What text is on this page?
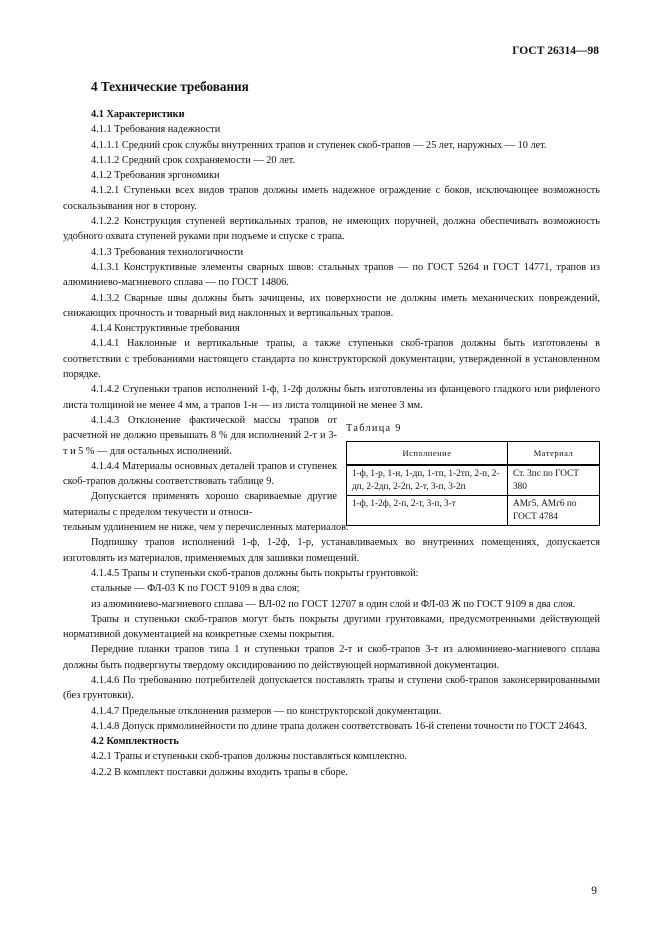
ГОСТ 26314—98
4 Технические требования

4.1 Характеристики

4.1.1 Требования надежности

4.1.1.1 Средний срок службы внутренних трапов и ступенек скоб-трапов — 25 лет, наружных — 10 лет.

4.1.1.2 Средний срок сохраняемости — 20 лет.

4.1.2 Требования эргономики

4.1.2.1 Ступеньки всех видов трапов должны иметь надежное ограждение с боков, исключающее возможность соскальзывания ног в сторону.

4.1.2.2 Конструкция ступеней вертикальных трапов, не имеющих поручней, должна обеспечивать возможность удобного охвата ступеней руками при подъеме и спуске с трапа.

4.1.3 Требования технологичности

4.1.3.1 Конструктивные элементы сварных швов: стальных трапов — по ГОСТ 5264 и ГОСТ 14771, трапов из алюминиево-магниевого сплава — по ГОСТ 14806.

4.1.3.2 Сварные швы должны быть зачищены, их поверхности не должны иметь механических повреждений, снижающих прочность и товарный вид наклонных и вертикальных трапов.

4.1.4 Конструктивные требования

4.1.4.1 Наклонные и вертикальные трапы, а также ступеньки скоб-трапов должны быть изготовлены в соответствии с требованиями настоящего стандарта по конструкторской документации, утвержденной в установленном порядке.

4.1.4.2 Ступеньки трапов исполнений 1-ф, 1-2ф должны быть изготовлены из фланцевого гладкого или рифленого листа толщиной не менее 4 мм, а трапов 1-н — из листа толщиной не менее 3 мм.

4.1.4.3 Отклонение фактической массы трапов от расчетной не должно превышать 8 % для исполнений 2-т и 3-т и 5 % — для остальных исполнений.

4.1.4.4 Материалы основных деталей трапов и ступенек скоб-трапов должны соответствовать таблице 9.

Допускается применять хорошо свариваемые другие материалы с пределом текучести и относи-

Таблица 9
Исполнение	Материал
1-ф, 1-р, 1-н, 1-дп, 1-тп, 1-2тп, 2-п, 2-дп, 2-2дп, 2-2п, 2-т, 3-п, 3-2п	Ст. 3пс по ГОСТ 380
1-ф, 1-2ф, 2-п, 2-т, 3-п, 3-т	АМг5, АМг6 по ГОСТ 4784

тельным удлинением не ниже, чем у перечисленных материалов.

Подпишку трапов исполнений 1-ф, 1-2ф, 1-р, устанавливаемых во внутренних помещениях, допускается изготовлять из материалов, применяемых для зашивки помещений.

4.1.4.5 Трапы и ступеньки скоб-трапов должны быть покрыты грунтовкой:

стальные — ФЛ-03 К по ГОСТ 9109 в два слоя;

из алюминиево-магниевого сплава — ВЛ-02 по ГОСТ 12707 в один слой и ФЛ-03 Ж по ГОСТ 9109 в два слоя.

Трапы и ступеньки скоб-трапов могут быть покрыты другими грунтовками, предусмотренными действующей нормативной документацией на конкретные схемы покрытия.

Передние планки трапов типа 1 и ступеньки трапов 2-т и скоб-трапов 3-т из алюминиево-магниевого сплава должны быть подвергнуты твердому оксидированию по действующей нормативной документации.

4.1.4.6 По требованию потребителей допускается поставлять трапы и ступени скоб-трапов законсервированными (без грунтовки).

4.1.4.7 Предельные отклонения размеров — по конструкторской документации.

4.1.4.8 Допуск прямолинейности по длине трапа должен соответствовать 16-й степени точности по ГОСТ 24643.

4.2 Комплектность

4.2.1 Трапы и ступеньки скоб-трапов должны поставляться комплектно.

4.2.2 В комплект поставки должны входить трапы в сборе.

9
